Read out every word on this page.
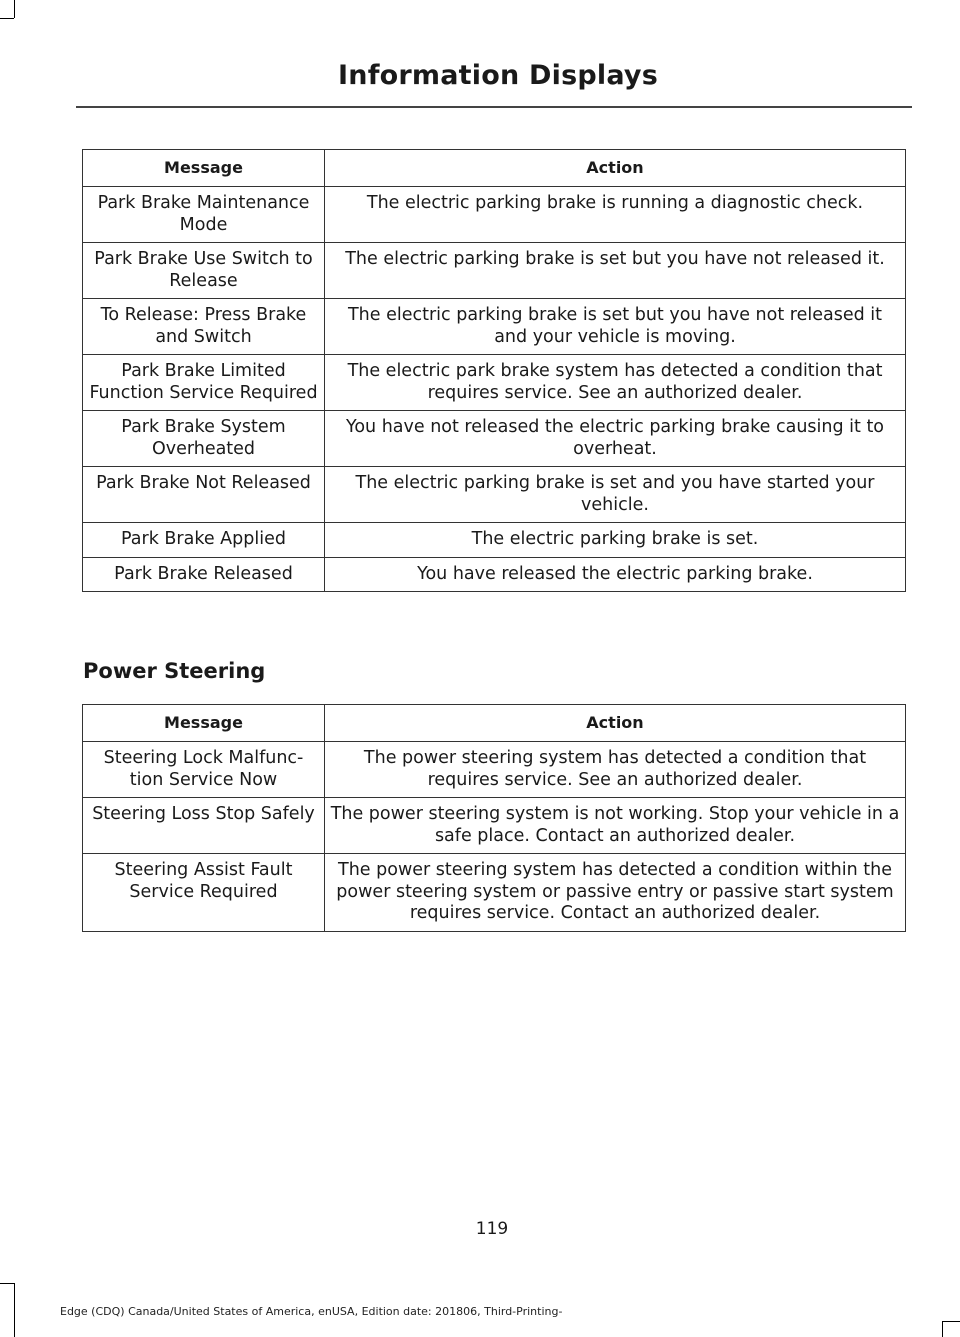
Information Displays
Message	Action
Park Brake Maintenance Mode	The electric parking brake is running a diagnostic check.
Park Brake Use Switch to Release	The electric parking brake is set but you have not released it.
To Release: Press Brake and Switch	The electric parking brake is set but you have not released it and your vehicle is moving.
Park Brake Limited Function Service Required	The electric park brake system has detected a condition that requires service. See an authorized dealer.
Park Brake System Overheated	You have not released the electric parking brake causing it to overheat.
Park Brake Not Released	The electric parking brake is set and you have started your vehicle.
Park Brake Applied	The electric parking brake is set.
Park Brake Released	You have released the electric parking brake.
Power Steering
Message	Action
Steering Lock Malfunc-tion Service Now	The power steering system has detected a condition that requires service. See an authorized dealer.
Steering Loss Stop Safely	The power steering system is not working. Stop your vehicle in a safe place. Contact an authorized dealer.
Steering Assist Fault Service Required	The power steering system has detected a condition within the power steering system or passive entry or passive start system requires service. Contact an authorized dealer.
119
Edge (CDQ) Canada/United States of America, enUSA, Edition date: 201806, Third-Printing-
